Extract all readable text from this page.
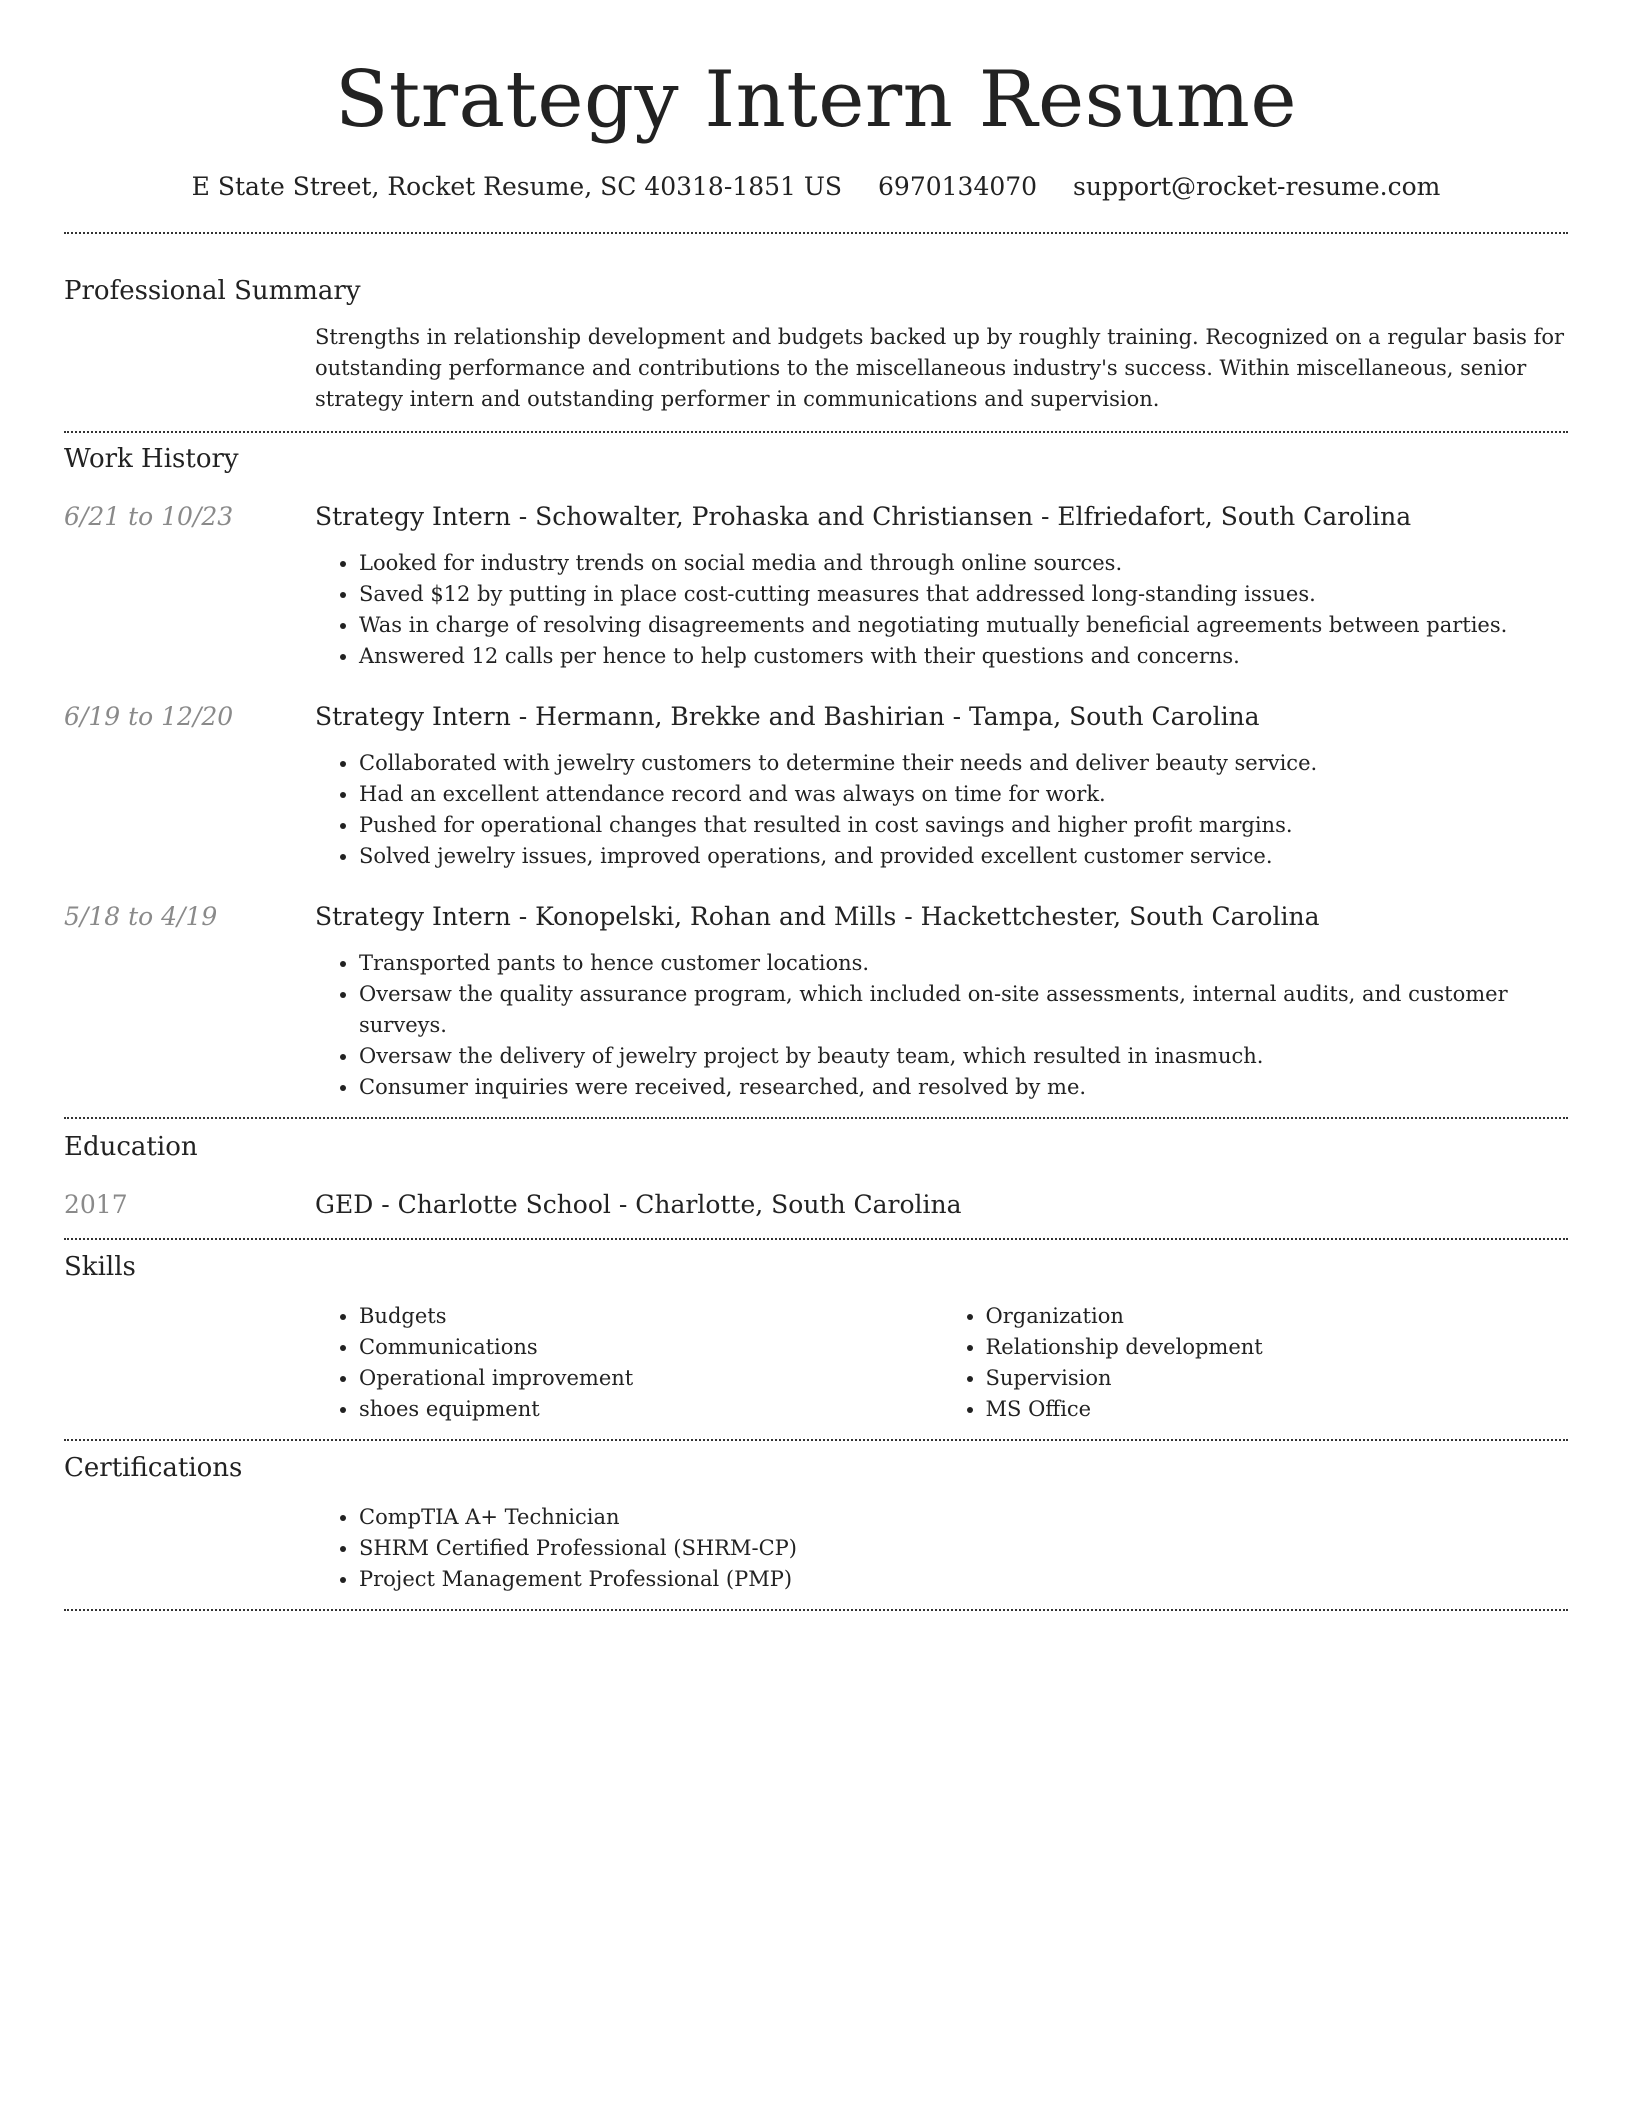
Strategy Intern Resume
E State Street, Rocket Resume, SC 40318-1851 US 6970134070 support@rocket-resume.com
Professional Summary
Strengths in relationship development and budgets backed up by roughly training. Recognized on a regular basis for outstanding performance and contributions to the miscellaneous industry's success. Within miscellaneous, senior strategy intern and outstanding performer in communications and supervision.
Work History
6/21 to 10/23	Strategy Intern - Schowalter, Prohaska and Christiansen - Elfriedafort, South Carolina
• Looked for industry trends on social media and through online sources.
• Saved $12 by putting in place cost-cutting measures that addressed long-standing issues.
• Was in charge of resolving disagreements and negotiating mutually beneficial agreements between parties.
• Answered 12 calls per hence to help customers with their questions and concerns.
6/19 to 12/20	Strategy Intern - Hermann, Brekke and Bashirian - Tampa, South Carolina
• Collaborated with jewelry customers to determine their needs and deliver beauty service.
• Had an excellent attendance record and was always on time for work.
• Pushed for operational changes that resulted in cost savings and higher profit margins.
• Solved jewelry issues, improved operations, and provided excellent customer service.
5/18 to 4/19	Strategy Intern - Konopelski, Rohan and Mills - Hackettchester, South Carolina
• Transported pants to hence customer locations.
• Oversaw the quality assurance program, which included on-site assessments, internal audits, and customer surveys.
• Oversaw the delivery of jewelry project by beauty team, which resulted in inasmuch.
• Consumer inquiries were received, researched, and resolved by me.
Education
2017	GED - Charlotte School - Charlotte, South Carolina
Skills
• Budgets
• Communications
• Operational improvement
• shoes equipment
• Organization
• Relationship development
• Supervision
• MS Office
Certifications
• CompTIA A+ Technician
• SHRM Certified Professional (SHRM-CP)
• Project Management Professional (PMP)
